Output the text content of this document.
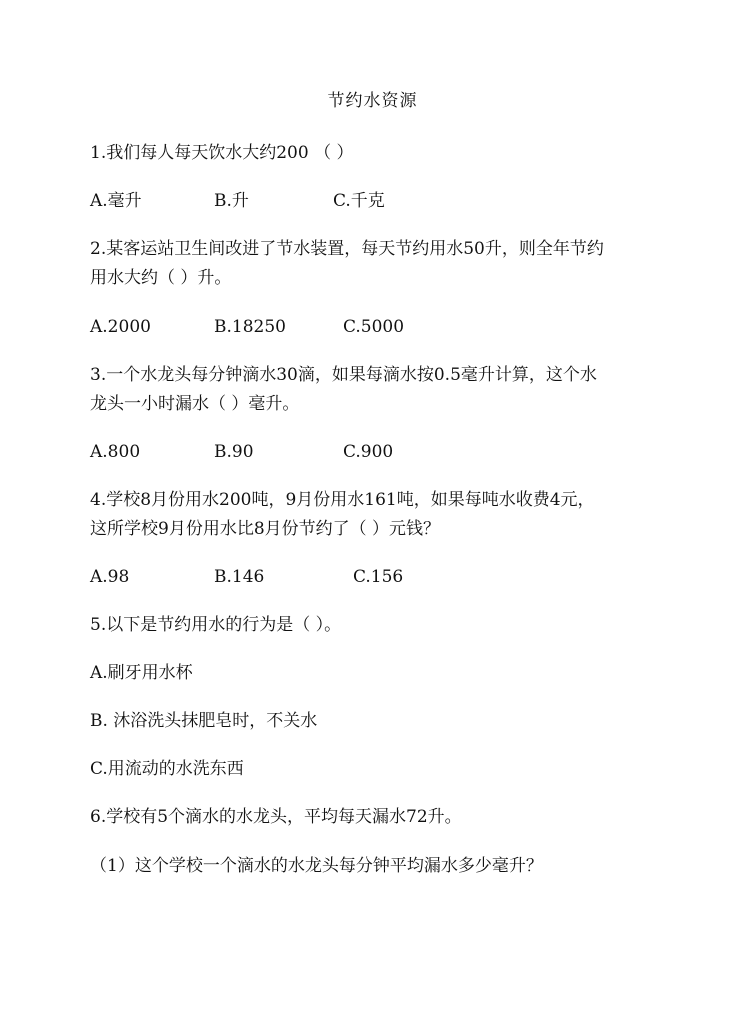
节约水资源
1.我们每人每天饮水大约200 （ ）
A.毫升	B.升	C.千克
2.某客运站卫生间改进了节水装置，每天节约用水50升，则全年节约
用水大约（ ）升。
A.2000	B.18250	C.5000
3.一个水龙头每分钟滴水30滴，如果每滴水按0.5毫升计算，这个水
龙头一小时漏水（ ）毫升。
A.800	B.90	C.900
4.学校8月份用水200吨，9月份用水161吨，如果每吨水收费4元，
这所学校9月份用水比8月份节约了（ ）元钱？
A.98	B.146	C.156
5.以下是节约用水的行为是（ ）。
A.刷牙用水杯
B. 沐浴洗头抹肥皂时，不关水
C.用流动的水洗东西
6.学校有5个滴水的水龙头，平均每天漏水72升。
（1）这个学校一个滴水的水龙头每分钟平均漏水多少毫升？
